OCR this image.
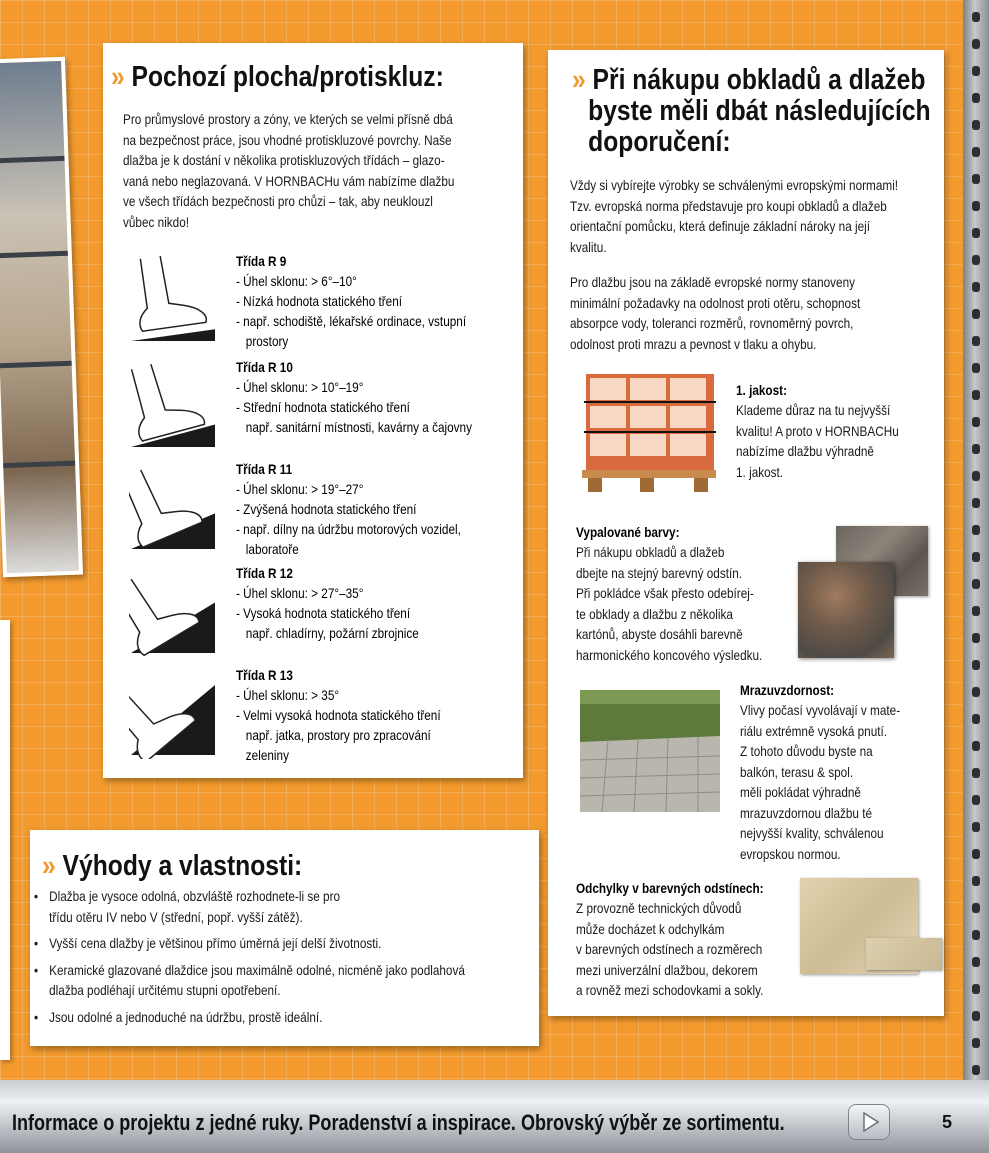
» Pochozí plocha/protiskluz:
Pro průmyslové prostory a zóny, ve kterých se velmi přísně dbá
na bezpečnost práce, jsou vhodné protiskluzové povrchy. Naše
dlažba je k dostání v několika protiskluzových třídách – glazo-
vaná nebo neglazovaná. V HORNBACHu vám nabízíme dlažbu
ve všech třídách bezpečnosti pro chůzi – tak, aby neuklouzl
vůbec nikdo!
Třída R 9
- Úhel sklonu: > 6°–10°
- Nízká hodnota statického tření
- např. schodiště, lékařské ordinace, vstupní
prostory
Třída R 10
- Úhel sklonu: > 10°–19°
- Střední hodnota statického tření
např. sanitární místnosti, kavárny a čajovny
Třída R 11
- Úhel sklonu: > 19°–27°
- Zvýšená hodnota statického tření
- např. dílny na údržbu motorových vozidel,
laboratoře
Třída R 12
- Úhel sklonu: > 27°–35°
- Vysoká hodnota statického tření
např. chladírny, požární zbrojnice
Třída R 13
- Úhel sklonu: > 35°
- Velmi vysoká hodnota statického tření
např. jatka, prostory pro zpracování
zeleniny
» Při nákupu obkladů a dlažeb
byste měli dbát následujících
doporučení:
Vždy si vybírejte výrobky se schválenými evropskými normami!
Tzv. evropská norma představuje pro koupi obkladů a dlažeb
orientační pomůcku, která definuje základní nároky na její
kvalitu.
Pro dlažbu jsou na základě evropské normy stanoveny
minimální požadavky na odolnost proti otěru, schopnost
absorpce vody, toleranci rozměrů, rovnoměrný povrch,
odolnost proti mrazu a pevnost v tlaku a ohybu.
1. jakost:
Klademe důraz na tu nejvyšší
kvalitu! A proto v HORNBACHu
nabízíme dlažbu výhradně
1. jakost.
Vypalované barvy:
Při nákupu obkladů a dlažeb
dbejte na stejný barevný odstín.
Při pokládce však přesto odebírej-
te obklady a dlažbu z několika
kartónů, abyste dosáhli barevně
harmonického koncového výsledku.
Mrazuvzdornost:
Vlivy počasí vyvolávají v mate-
riálu extrémně vysoká pnutí.
Z tohoto důvodu byste na
balkón, terasu & spol.
měli pokládat výhradně
mrazuvzdornou dlažbu té
nejvyšší kvality, schválenou
evropskou normou.
Odchylky v barevných odstínech:
Z provozně technických důvodů
může docházet k odchylkám
v barevných odstínech a rozměrech
mezi univerzální dlažbou, dekorem
a rovněž mezi schodovkami a sokly.
» Výhody a vlastnosti:
• Dlažba je vysoce odolná, obzvláště rozhodnete-li se pro
třídu otěru IV nebo V (střední, popř. vyšší zátěž).
• Vyšší cena dlažby je většinou přímo úměrná její delší životnosti.
• Keramické glazované dlaždice jsou maximálně odolné, nicméně jako podlahová
dlažba podléhají určitému stupni opotřebení.
• Jsou odolné a jednoduché na údržbu, prostě ideální.
Informace o projektu z jedné ruky. Poradenství a inspirace. Obrovský výběr ze sortimentu.	5
